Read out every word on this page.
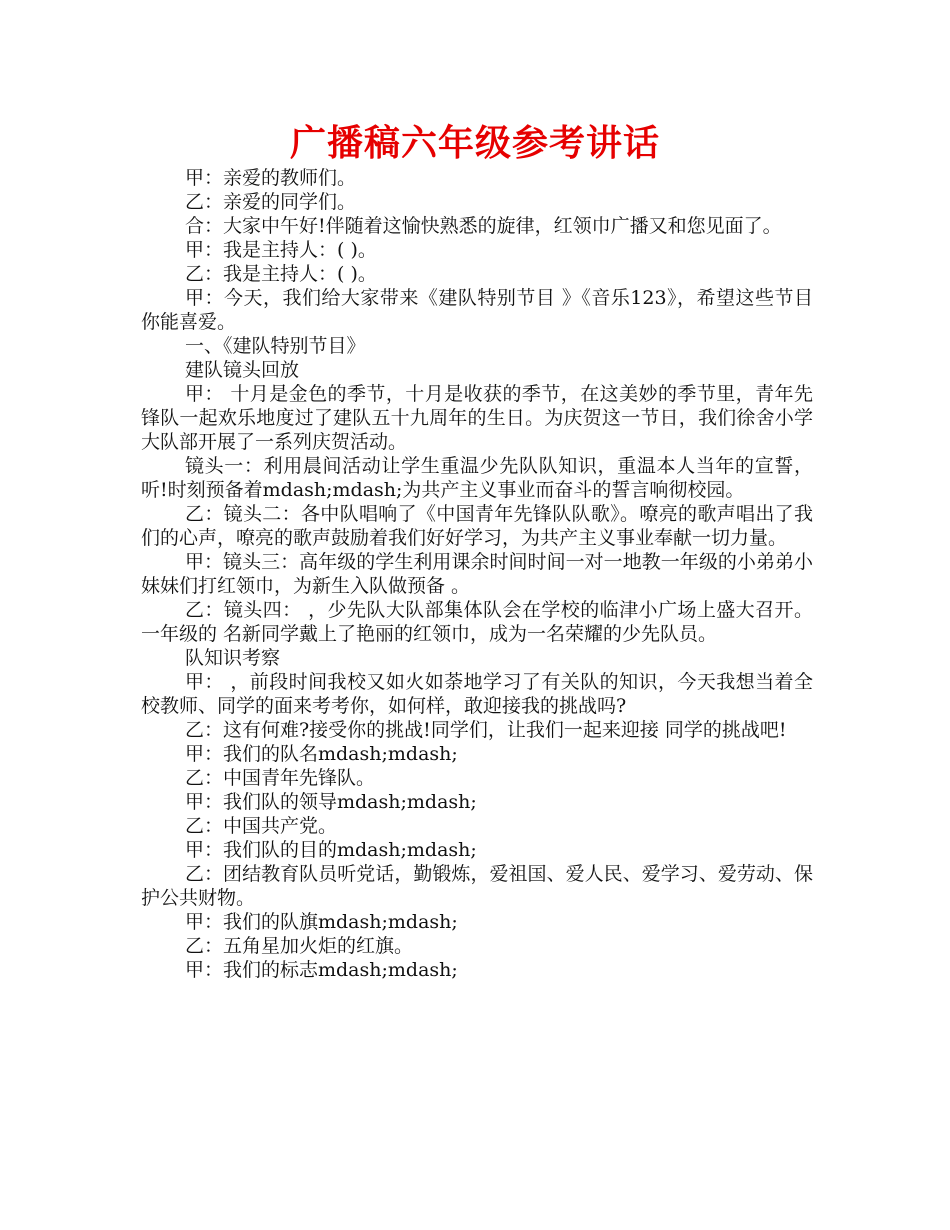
广播稿六年级参考讲话

甲：亲爱的教师们。

乙：亲爱的同学们。

合：大家中午好!伴随着这愉快熟悉的旋律，红领巾广播又和您见面了。

甲：我是主持人：( )。

乙：我是主持人：( )。

甲：今天，我们给大家带来《建队特别节目 》《音乐123》，希望这些节目你能喜爱。

一、《建队特别节目》

建队镜头回放

甲： 十月是金色的季节，十月是收获的季节，在这美妙的季节里，青年先锋队一起欢乐地度过了建队五十九周年的生日。为庆贺这一节日，我们徐舍小学大队部开展了一系列庆贺活动。

镜头一：利用晨间活动让学生重温少先队队知识，重温本人当年的宣誓，听!时刻预备着mdash;mdash;为共产主义事业而奋斗的誓言响彻校园。

乙：镜头二：各中队唱响了《中国青年先锋队队歌》。嘹亮的歌声唱出了我们的心声，嘹亮的歌声鼓励着我们好好学习，为共产主义事业奉献一切力量。

甲：镜头三：高年级的学生利用课余时间时间一对一地教一年级的小弟弟小妹妹们打红领巾，为新生入队做预备 。

乙：镜头四： ，少先队大队部集体队会在学校的临津小广场上盛大召开。一年级的 名新同学戴上了艳丽的红领巾，成为一名荣耀的少先队员。

队知识考察

甲： ，前段时间我校又如火如荼地学习了有关队的知识，今天我想当着全校教师、同学的面来考考你，如何样，敢迎接我的挑战吗?

乙：这有何难?接受你的挑战!同学们，让我们一起来迎接 同学的挑战吧!

甲：我们的队名mdash;mdash;

乙：中国青年先锋队。

甲：我们队的领导mdash;mdash;

乙：中国共产党。

甲：我们队的目的mdash;mdash;

乙：团结教育队员听党话，勤锻炼，爱祖国、爱人民、爱学习、爱劳动、保护公共财物。

甲：我们的队旗mdash;mdash;

乙：五角星加火炬的红旗。

甲：我们的标志mdash;mdash;
